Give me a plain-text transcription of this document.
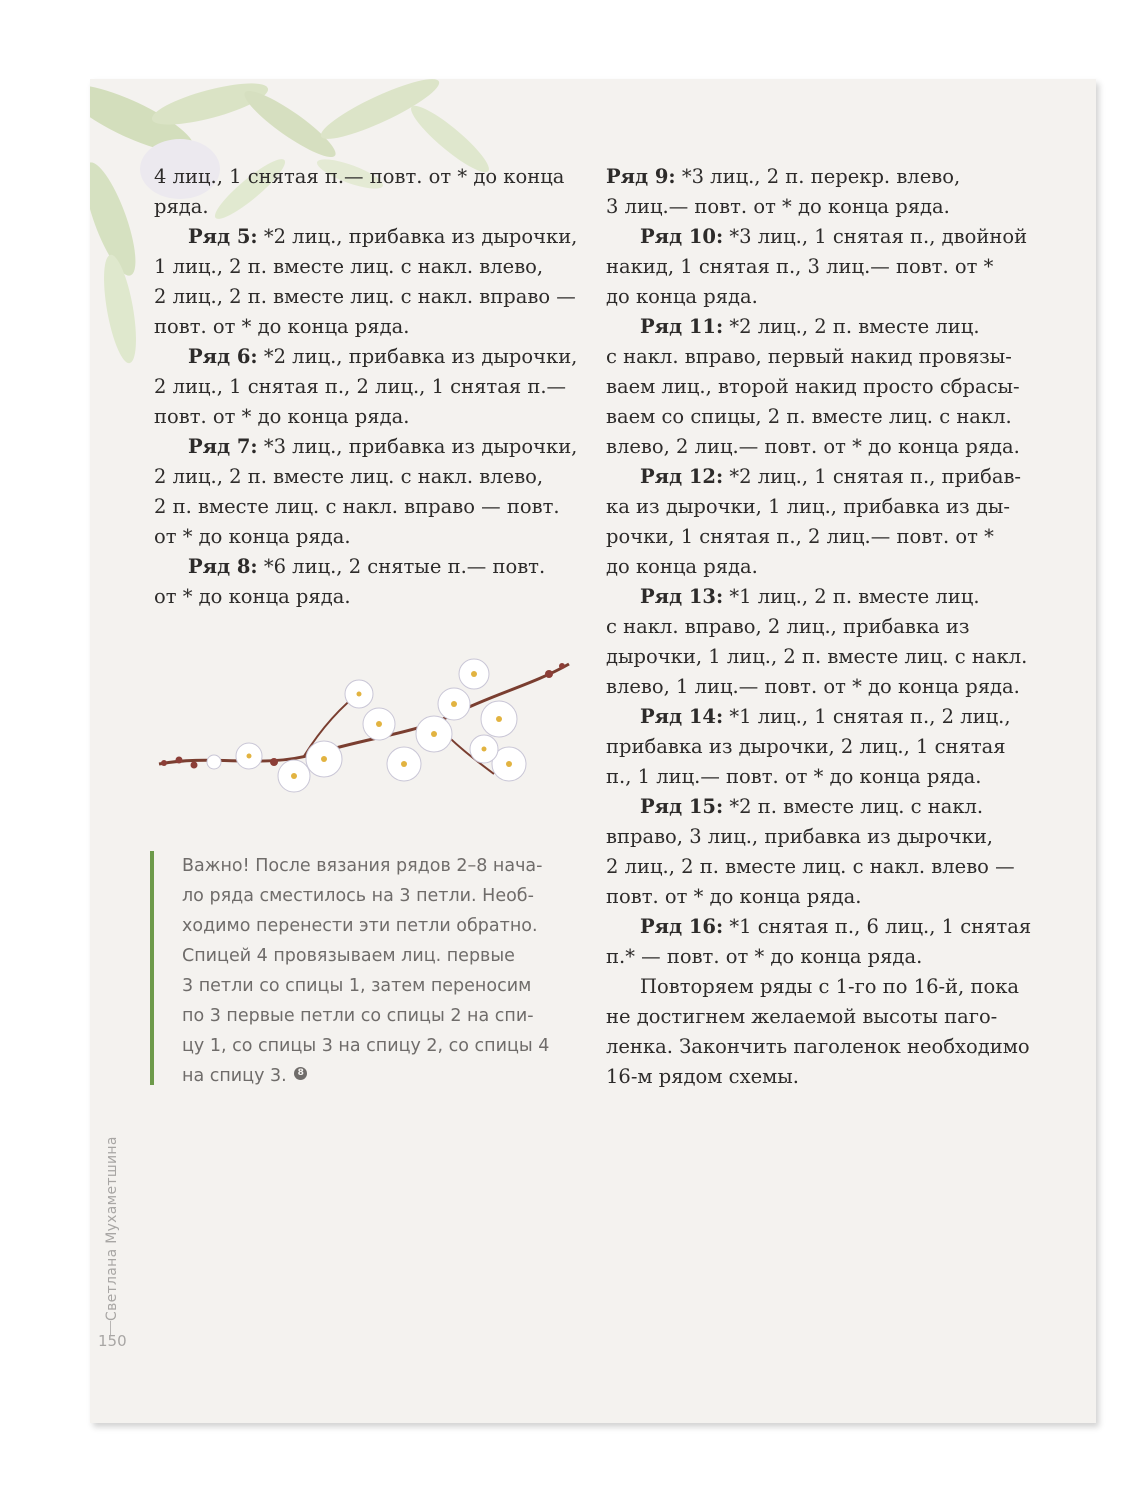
4 лиц., 1 снятая п.— повт. от * до конца
ряда.
Ряд 5: *2 лиц., прибавка из дырочки,
1 лиц., 2 п. вместе лиц. с накл. влево,
2 лиц., 2 п. вместе лиц. с накл. вправо —
повт. от * до конца ряда.
Ряд 6: *2 лиц., прибавка из дырочки,
2 лиц., 1 снятая п., 2 лиц., 1 снятая п.—
повт. от * до конца ряда.
Ряд 7: *3 лиц., прибавка из дырочки,
2 лиц., 2 п. вместе лиц. с накл. влево,
2 п. вместе лиц. с накл. вправо — повт.
от * до конца ряда.
Ряд 8: *6 лиц., 2 снятые п.— повт.
от * до конца ряда.
Важно! После вязания рядов 2–8 нача-
ло ряда сместилось на 3 петли. Необ-
ходимо перенести эти петли обратно.
Спицей 4 провязываем лиц. первые
3 петли со спицы 1, затем переносим
по 3 первые петли со спицы 2 на спи-
цу 1, со спицы 3 на спицу 2, со спицы 4
на спицу 3. 8
Ряд 9: *3 лиц., 2 п. перекр. влево,
3 лиц.— повт. от * до конца ряда.
Ряд 10: *3 лиц., 1 снятая п., двойной
накид, 1 снятая п., 3 лиц.— повт. от *
до конца ряда.
Ряд 11: *2 лиц., 2 п. вместе лиц.
с накл. вправо, первый накид провязы-
ваем лиц., второй накид просто сбрасы-
ваем со спицы, 2 п. вместе лиц. с накл.
влево, 2 лиц.— повт. от * до конца ряда.
Ряд 12: *2 лиц., 1 снятая п., прибав-
ка из дырочки, 1 лиц., прибавка из ды-
рочки, 1 снятая п., 2 лиц.— повт. от *
до конца ряда.
Ряд 13: *1 лиц., 2 п. вместе лиц.
с накл. вправо, 2 лиц., прибавка из
дырочки, 1 лиц., 2 п. вместе лиц. с накл.
влево, 1 лиц.— повт. от * до конца ряда.
Ряд 14: *1 лиц., 1 снятая п., 2 лиц.,
прибавка из дырочки, 2 лиц., 1 снятая
п., 1 лиц.— повт. от * до конца ряда.
Ряд 15: *2 п. вместе лиц. с накл.
вправо, 3 лиц., прибавка из дырочки,
2 лиц., 2 п. вместе лиц. с накл. влево —
повт. от * до конца ряда.
Ряд 16: *1 снятая п., 6 лиц., 1 снятая
п.* — повт. от * до конца ряда.
Повторяем ряды с 1-го по 16-й, пока
не достигнем желаемой высоты паго-
ленка. Закончить паголенок необходимо
16-м рядом схемы.
Светлана Мухаметшина
150
